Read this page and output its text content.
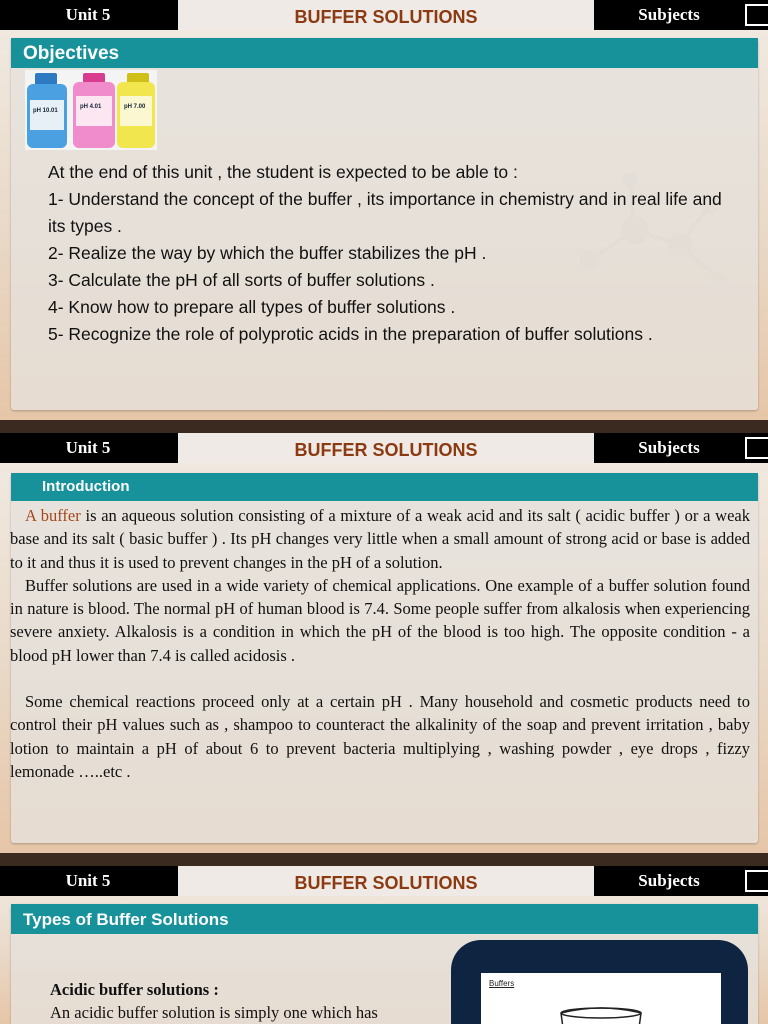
Unit 5	BUFFER SOLUTIONS	Subjects
Objectives
pH 10.01
pH 4.01	pH 7.00
At the end of this unit , the student is expected to be able to :
1- Understand the concept of the buffer , its importance in chemistry and in real life and its types .
2- Realize the way by which the buffer stabilizes the pH .
3- Calculate the pH of all sorts of buffer solutions .
4- Know how to prepare all types of buffer solutions .
5- Recognize the role of polyprotic acids in the preparation of buffer solutions .
Unit 5	BUFFER SOLUTIONS	Subjects
Introduction

A buffer is an aqueous solution consisting of a mixture of a weak acid and its salt ( acidic buffer ) or a weak base and its salt ( basic buffer ) . Its pH changes very little when a small amount of strong acid or base is added to it and thus it is used to prevent changes in the pH of a solution.

Buffer solutions are used in a wide variety of chemical applications. One example of a buffer solution found in nature is blood. The normal pH of human blood is 7.4. Some people suffer from alkalosis when experiencing severe anxiety. Alkalosis is a condition in which the pH of the blood is too high. The opposite condition - a blood pH lower than 7.4 is called acidosis .

Some chemical reactions proceed only at a certain pH . Many household and cosmetic products need to control their pH values such as , shampoo to counteract the alkalinity of the soap and prevent irritation , baby lotion to maintain a pH of about 6 to prevent bacteria multiplying , washing powder , eye drops , fizzy lemonade …..etc .

Unit 5	BUFFER SOLUTIONS	Subjects
Types of Buffer Solutions
Acidic buffer solutions :
An acidic buffer solution is simply one which has
Buffers
